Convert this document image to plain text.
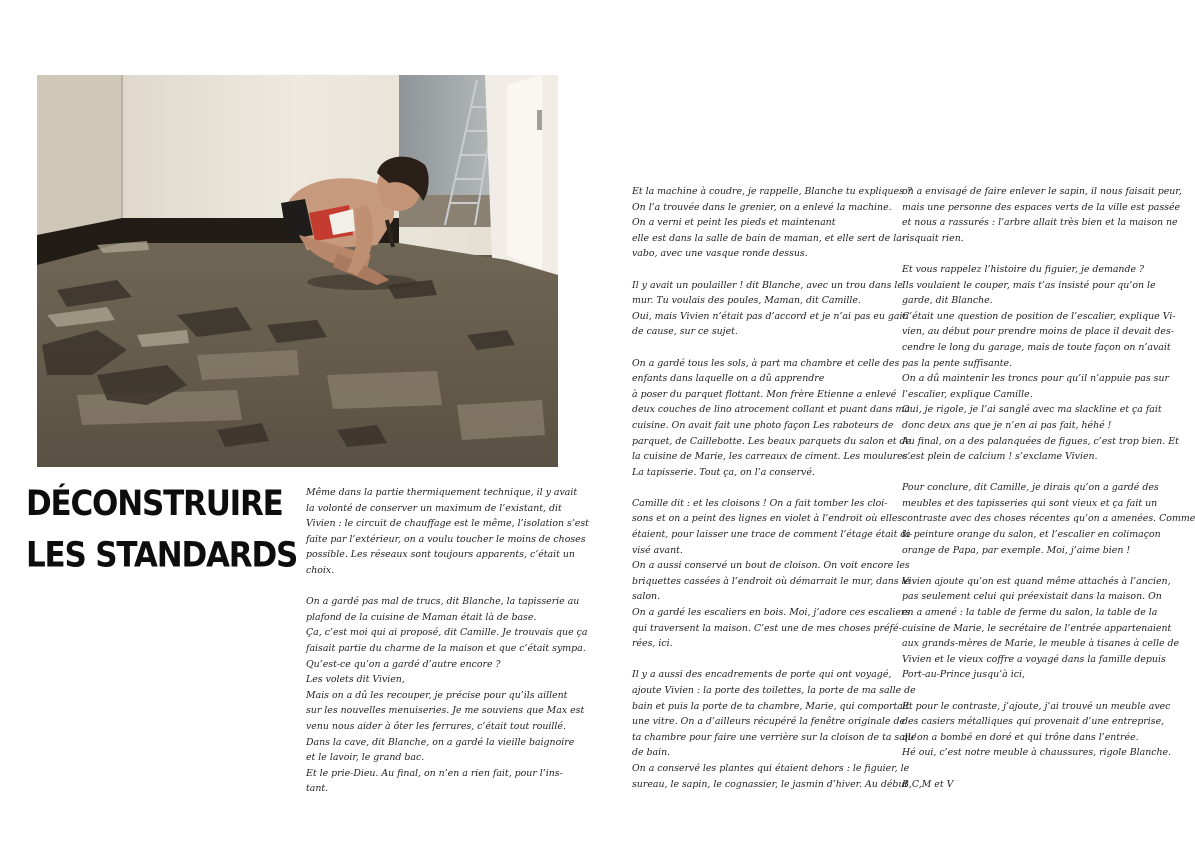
DÉCONSTRUIRE
LES STANDARDS

Même dans la partie thermiquement technique, il y avait
la volonté de conserver un maximum de l’existant, dit
Vivien : le circuit de chauffage est le même, l’isolation s’est
faite par l’extérieur, on a voulu toucher le moins de choses
possible. Les réseaux sont toujours apparents, c’était un
choix.

On a gardé pas mal de trucs, dit Blanche, la tapisserie au
plafond de la cuisine de Maman était là de base.
Ça, c’est moi qui ai proposé, dit Camille. Je trouvais que ça
faisait partie du charme de la maison et que c’était sympa.
Qu’est-ce qu’on a gardé d’autre encore ?
Les volets dit Vivien,
Mais on a dû les recouper, je précise pour qu’ils aillent
sur les nouvelles menuiseries. Je me souviens que Max est
venu nous aider à ôter les ferrures, c’était tout rouillé.
Dans la cave, dit Blanche, on a gardé la vieille baignoire
et le lavoir, le grand bac.
Et le prie-Dieu. Au final, on n’en a rien fait, pour l’ins-
tant.

Et la machine à coudre, je rappelle, Blanche tu expliques ?
On l’a trouvée dans le grenier, on a enlevé la machine.
On a verni et peint les pieds et maintenant
elle est dans la salle de bain de maman, et elle sert de la-
vabo, avec une vasque ronde dessus.

Il y avait un poulailler ! dit Blanche, avec un trou dans le
mur. Tu voulais des poules, Maman, dit Camille.
Oui, mais Vivien n’était pas d’accord et je n’ai pas eu gain
de cause, sur ce sujet.

On a gardé tous les sols, à part ma chambre et celle des
enfants dans laquelle on a dû apprendre
à poser du parquet flottant. Mon frère Etienne a enlevé
deux couches de lino atrocement collant et puant dans ma
cuisine. On avait fait une photo façon Les raboteurs de
parquet, de Caillebotte. Les beaux parquets du salon et de
la cuisine de Marie, les carreaux de ciment. Les moulures.
La tapisserie. Tout ça, on l’a conservé.

Camille dit : et les cloisons ! On a fait tomber les cloi-
sons et on a peint des lignes en violet à l’endroit où elles
étaient, pour laisser une trace de comment l’étage était di-
visé avant.
On a aussi conservé un bout de cloison. On voit encore les
briquettes cassées à l’endroit où démarrait le mur, dans le
salon.
On a gardé les escaliers en bois. Moi, j’adore ces escaliers
qui traversent la maison. C’est une de mes choses préfé-
rées, ici.

Il y a aussi des encadrements de porte qui ont voyagé,
ajoute Vivien : la porte des toilettes, la porte de ma salle de
bain et puis la porte de ta chambre, Marie, qui comportait
une vitre. On a d’ailleurs récupéré la fenêtre originale de
ta chambre pour faire une verrière sur la cloison de ta salle
de bain.
On a conservé les plantes qui étaient dehors : le figuier, le
sureau, le sapin, le cognassier, le jasmin d’hiver. Au début

on a envisagé de faire enlever le sapin, il nous faisait peur,
mais une personne des espaces verts de la ville est passée
et nous a rassurés : l’arbre allait très bien et la maison ne
risquait rien.

Et vous rappelez l’histoire du figuier, je demande ?
Ils voulaient le couper, mais t’as insisté pour qu’on le
garde, dit Blanche.
C’était une question de position de l’escalier, explique Vi-
vien, au début pour prendre moins de place il devait des-
cendre le long du garage, mais de toute façon on n’avait
pas la pente suffisante.
On a dû maintenir les troncs pour qu’il n’appuie pas sur
l’escalier, explique Camille.
Oui, je rigole, je l’ai sanglé avec ma slackline et ça fait
donc deux ans que je n’en ai pas fait, héhé !
Au final, on a des palanquées de figues, c’est trop bien. Et
c’est plein de calcium ! s’exclame Vivien.

Pour conclure, dit Camille, je dirais qu’on a gardé des
meubles et des tapisseries qui sont vieux et ça fait un
contraste avec des choses récentes qu’on a amenées. Comme
la peinture orange du salon, et l’escalier en colimaçon
orange de Papa, par exemple. Moi, j’aime bien !

Vivien ajoute qu’on est quand même attachés à l’ancien,
pas seulement celui qui préexistait dans la maison. On
en a amené : la table de ferme du salon, la table de la
cuisine de Marie, le secrétaire de l’entrée appartenaient
aux grands-mères de Marie, le meuble à tisanes à celle de
Vivien et le vieux coffre a voyagé dans la famille depuis
Port-au-Prince jusqu’à ici,

Et pour le contraste, j’ajoute, j’ai trouvé un meuble avec
des casiers métalliques qui provenait d’une entreprise,
qu’on a bombé en doré et qui trône dans l’entrée.
Hé oui, c’est notre meuble à chaussures, rigole Blanche.

B,C,M et V
